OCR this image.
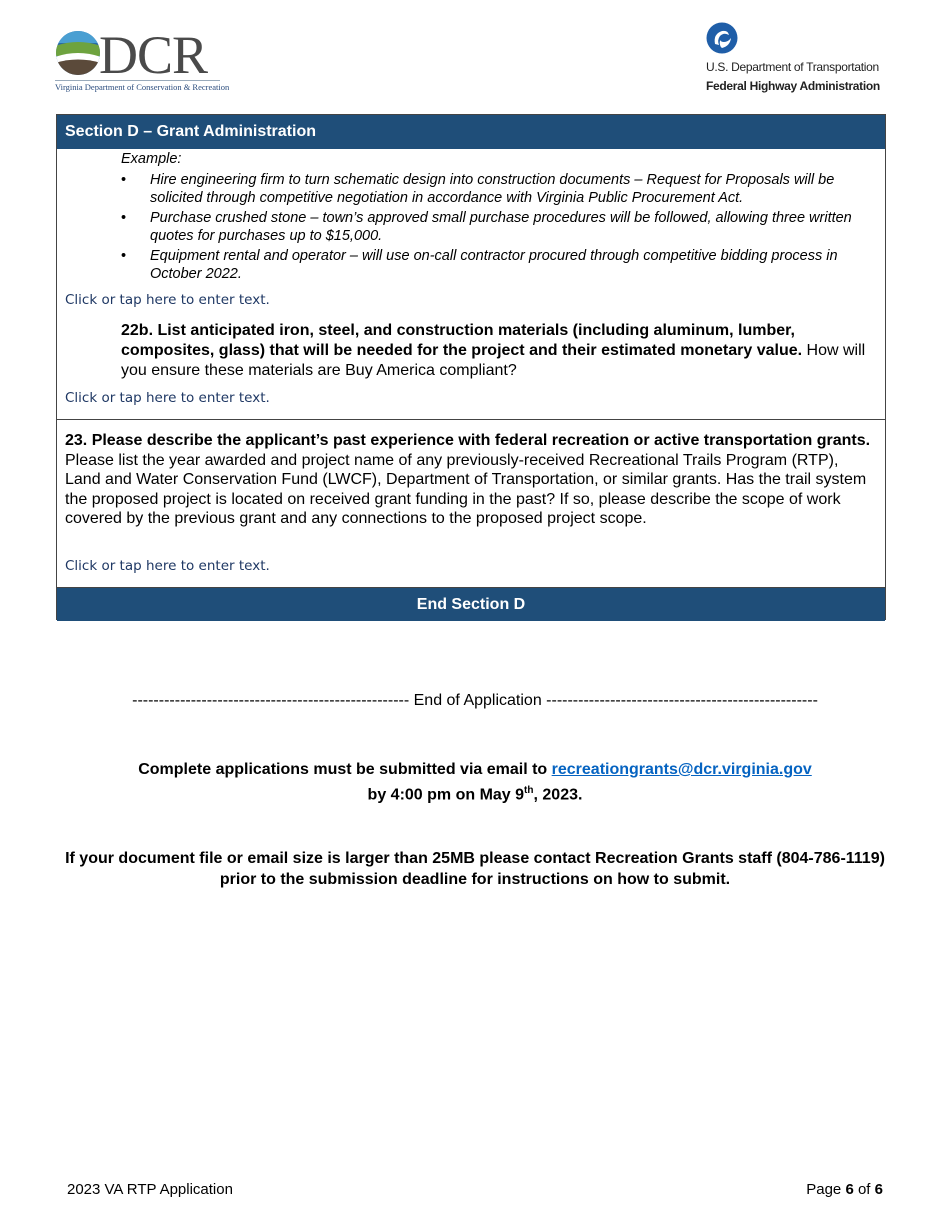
DCR
Virginia Department of Conservation & Recreation
U.S. Department of Transportation
Federal Highway Administration
Section D – Grant Administration
Example:
• Hire engineering firm to turn schematic design into construction documents – Request for Proposals will be solicited through competitive negotiation in accordance with Virginia Public Procurement Act.
• Purchase crushed stone – town’s approved small purchase procedures will be followed, allowing three written quotes for purchases up to $15,000.
• Equipment rental and operator – will use on-call contractor procured through competitive bidding process in October 2022.
Click or tap here to enter text.
22b. List anticipated iron, steel, and construction materials (including aluminum, lumber, composites, glass) that will be needed for the project and their estimated monetary value. How will you ensure these materials are Buy America compliant?
Click or tap here to enter text.
23. Please describe the applicant’s past experience with federal recreation or active transportation grants. Please list the year awarded and project name of any previously-received Recreational Trails Program (RTP), Land and Water Conservation Fund (LWCF), Department of Transportation, or similar grants. Has the trail system the proposed project is located on received grant funding in the past? If so, please describe the scope of work covered by the previous grant and any connections to the proposed project scope.
Click or tap here to enter text.
End Section D
---------------------------------------------------- End of Application ---------------------------------------------------
Complete applications must be submitted via email to recreationgrants@dcr.virginia.gov
by 4:00 pm on May 9th, 2023.
If your document file or email size is larger than 25MB please contact Recreation Grants staff (804-786-1119) prior to the submission deadline for instructions on how to submit.
2023 VA RTP Application	Page 6 of 6
